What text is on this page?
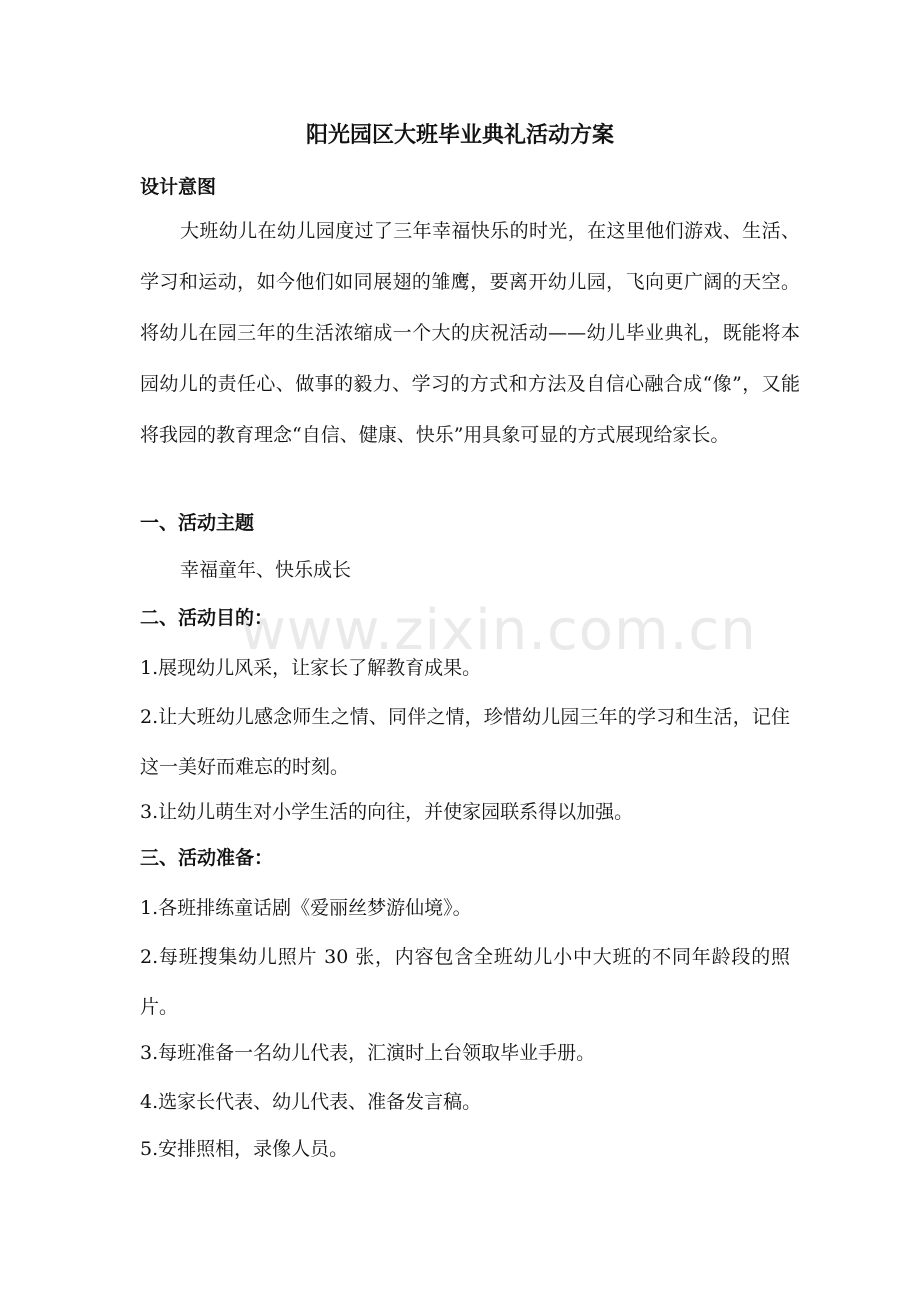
阳光园区大班毕业典礼活动方案
设计意图
大班幼儿在幼儿园度过了三年幸福快乐的时光，在这里他们游戏、生活、学习和运动，如今他们如同展翅的雏鹰，要离开幼儿园，飞向更广阔的天空。将幼儿在园三年的生活浓缩成一个大的庆祝活动——幼儿毕业典礼，既能将本园幼儿的责任心、做事的毅力、学习的方式和方法及自信心融合成“像”，又能将我园的教育理念“自信、健康、快乐”用具象可显的方式展现给家长。
一、活动主题
幸福童年、快乐成长
二、活动目的：
1.展现幼儿风采，让家长了解教育成果。
2.让大班幼儿感念师生之情、同伴之情，珍惜幼儿园三年的学习和生活，记住这一美好而难忘的时刻。
3.让幼儿萌生对小学生活的向往，并使家园联系得以加强。
三、活动准备：
1.各班排练童话剧《爱丽丝梦游仙境》。
2.每班搜集幼儿照片 30 张，内容包含全班幼儿小中大班的不同年龄段的照片。
3.每班准备一名幼儿代表，汇演时上台领取毕业手册。
4.选家长代表、幼儿代表、准备发言稿。
5.安排照相，录像人员。
www.zixin.com.cn
